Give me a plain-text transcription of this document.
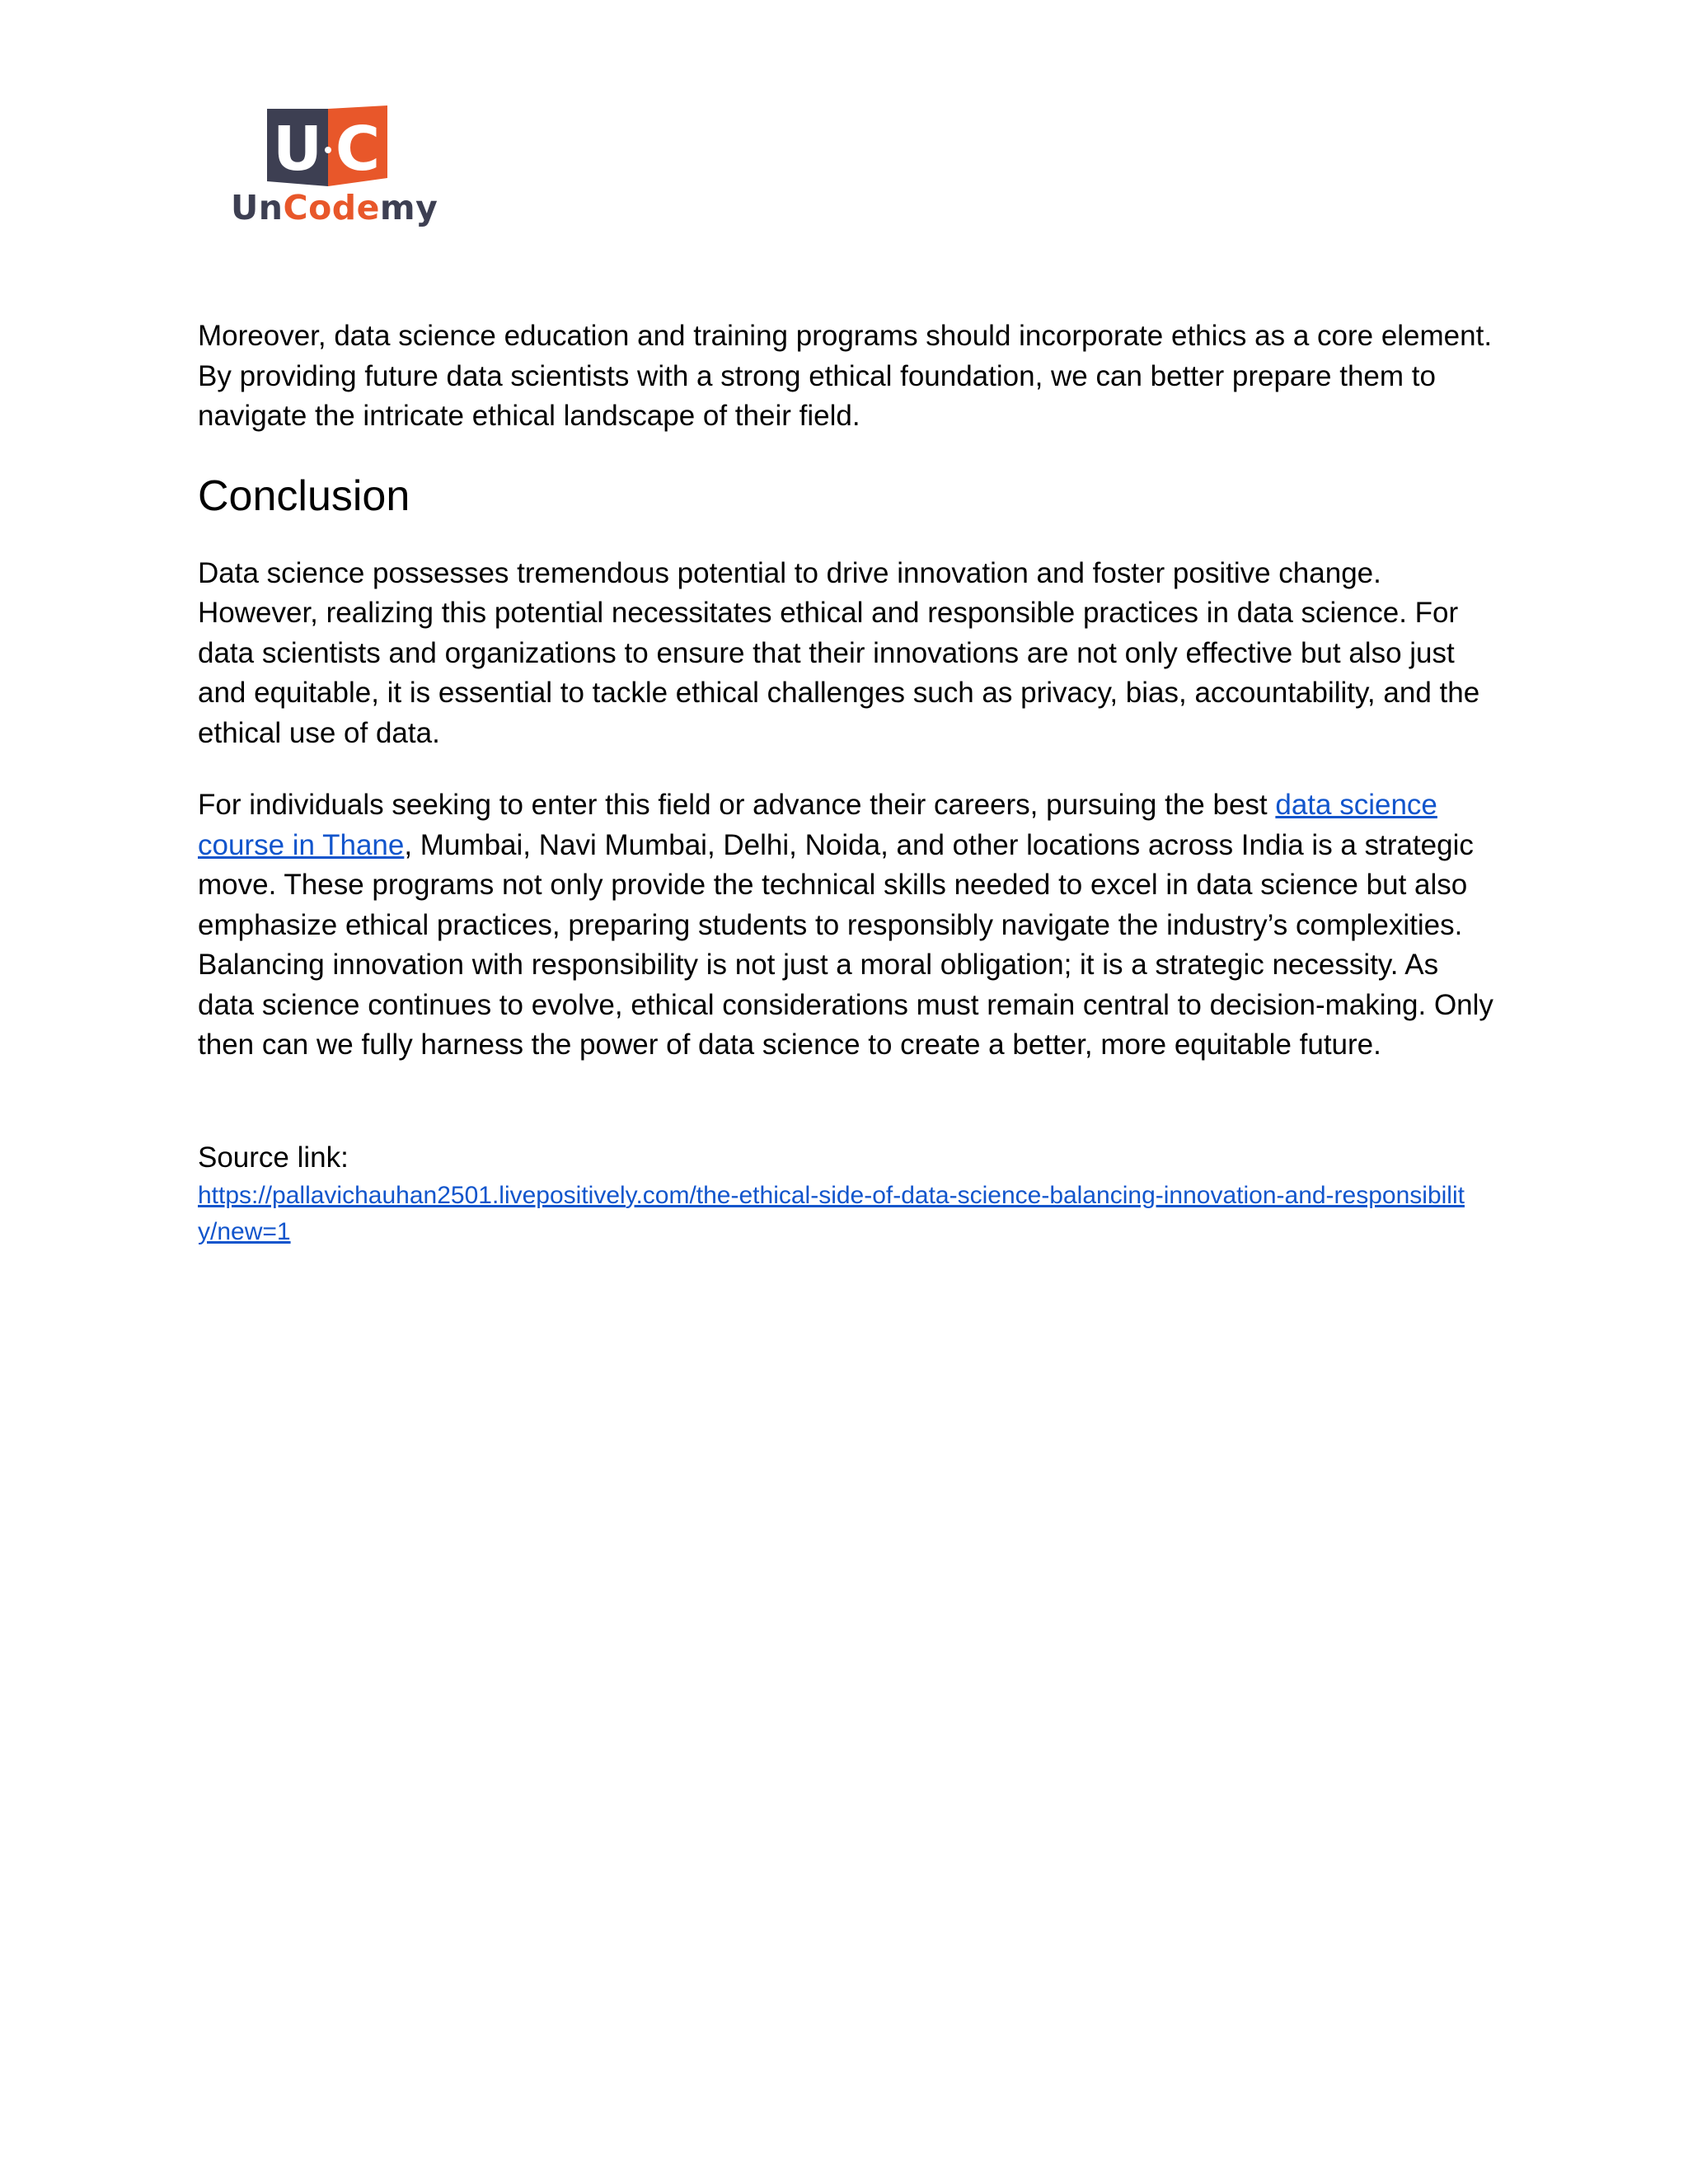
U C
UnCodemy

Moreover, data science education and training programs should incorporate ethics as a core element. By providing future data scientists with a strong ethical foundation, we can better prepare them to navigate the intricate ethical landscape of their field.

Conclusion

Data science possesses tremendous potential to drive innovation and foster positive change. However, realizing this potential necessitates ethical and responsible practices in data science. For data scientists and organizations to ensure that their innovations are not only effective but also just and equitable, it is essential to tackle ethical challenges such as privacy, bias, accountability, and the ethical use of data.

For individuals seeking to enter this field or advance their careers, pursuing the best data science course in Thane, Mumbai, Navi Mumbai, Delhi, Noida, and other locations across India is a strategic move. These programs not only provide the technical skills needed to excel in data science but also emphasize ethical practices, preparing students to responsibly navigate the industry’s complexities. Balancing innovation with responsibility is not just a moral obligation; it is a strategic necessity. As data science continues to evolve, ethical considerations must remain central to decision-making. Only then can we fully harness the power of data science to create a better, more equitable future.

Source link:
https://pallavichauhan2501.livepositively.com/the-ethical-side-of-data-science-balancing-innovation-and-responsibility/new=1
